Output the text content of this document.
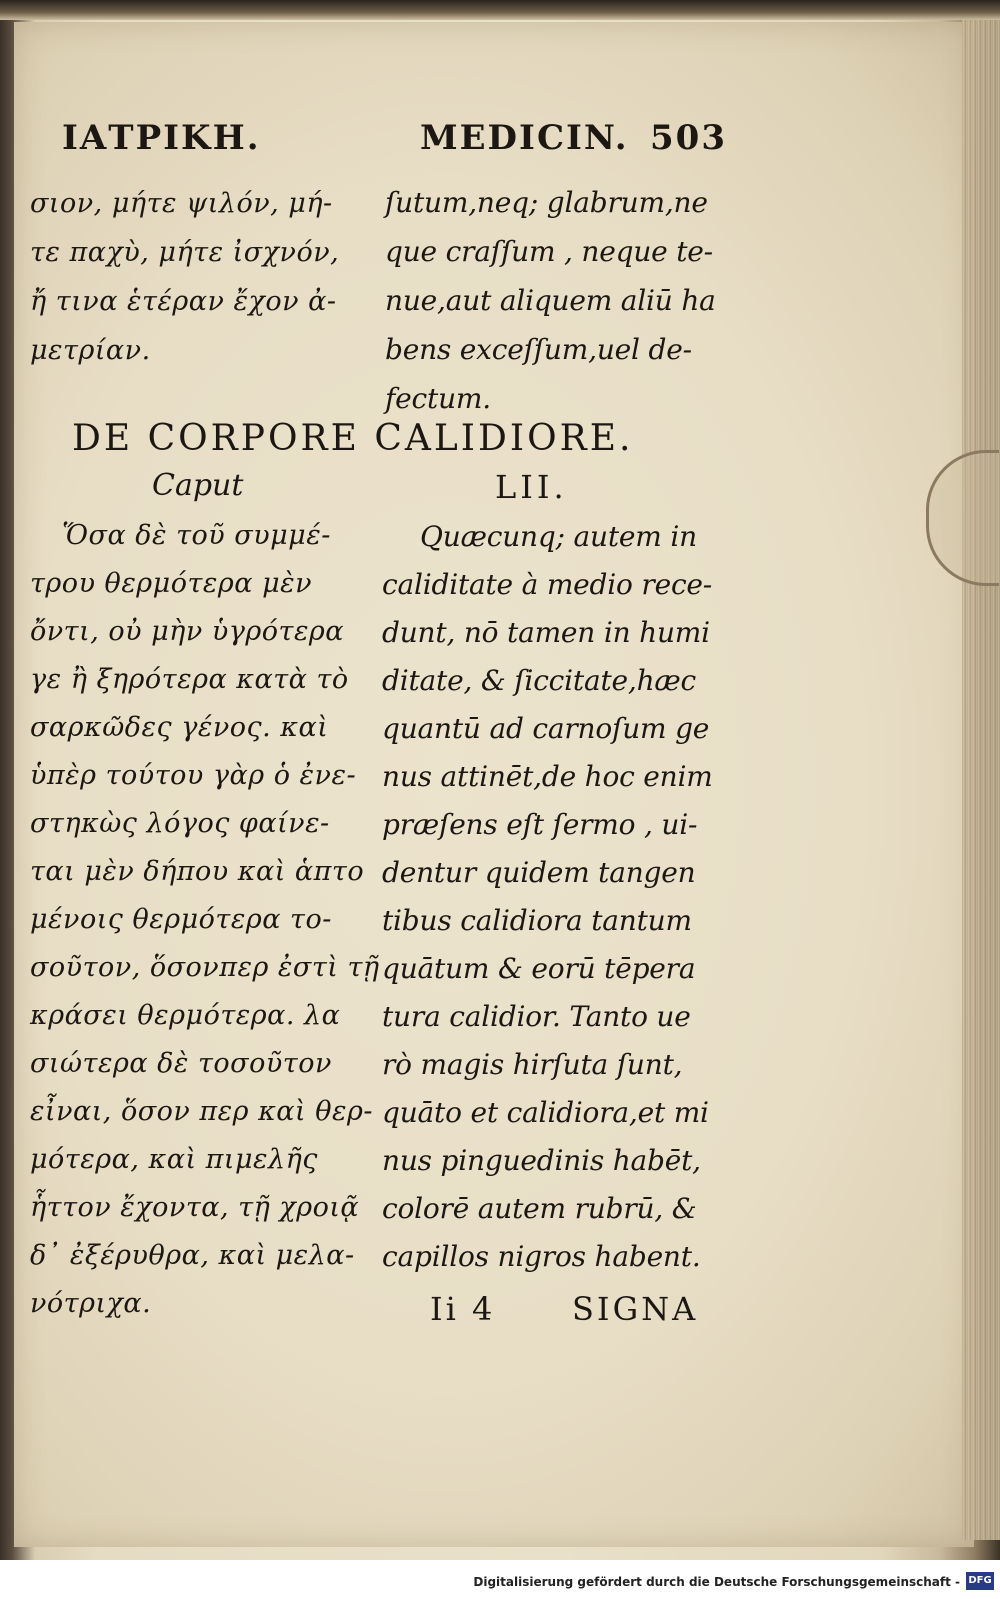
ΙΑΤΡΙΚΗ.	MEDICIN. 503
σιον, μήτε ψιλόν, μή-
τε παχὺ, μήτε ἰσχνόν,
ἤ τινα ἑτέραν ἔχον ἀ-
μετρίαν.
ſutum,neq; glabrum,ne
que craſſum , neque te-
nue,aut aliquem aliū ha
bens exceſſum,uel de-
fectum.
DE CORPORE CALIDIORE.
Caput	LII.
Ὅσα δὲ τοῦ συμμέ-
τρου θερμότερα μὲν
ὄντι, οὐ μὴν ὑγρότερα
γε ἢ ξηρότερα κατὰ τὸ
σαρκῶδες γένος. καὶ
ὑπὲρ τούτου γὰρ ὁ ἐνε-
στηκὼς λόγος φαίνε-
ται μὲν δήπου καὶ ἁπτο
μένοις θερμότερα το-
σοῦτον, ὅσονπερ ἐστὶ τῇ
κράσει θερμότερα. λα
σιώτερα δὲ τοσοῦτον
εἶναι, ὅσον περ καὶ θερ-
μότερα, καὶ πιμελῆς
ἧττον ἔχοντα, τῇ χροιᾷ
δ᾽ ἐξέρυθρα, καὶ μελα-
νότριχα.
Quæcunq; autem in
caliditate à medio rece-
dunt, nō tamen in humi
ditate, & ſiccitate,hæc
quantū ad carnoſum ge
nus attinēt,de hoc enim
præſens eſt ſermo , ui-
dentur quidem tangen
tibus calidiora tantum
quātum & eorū tēpera
tura calidior. Tanto ue
rò magis hirſuta ſunt,
quāto et calidiora,et mi
nus pinguedinis habēt,
colorē autem rubrū, &
capillos nigros habent.
Ii 4 SIGNA
Digitalisierung gefördert durch die Deutsche Forschungsgemeinschaft - DFG
